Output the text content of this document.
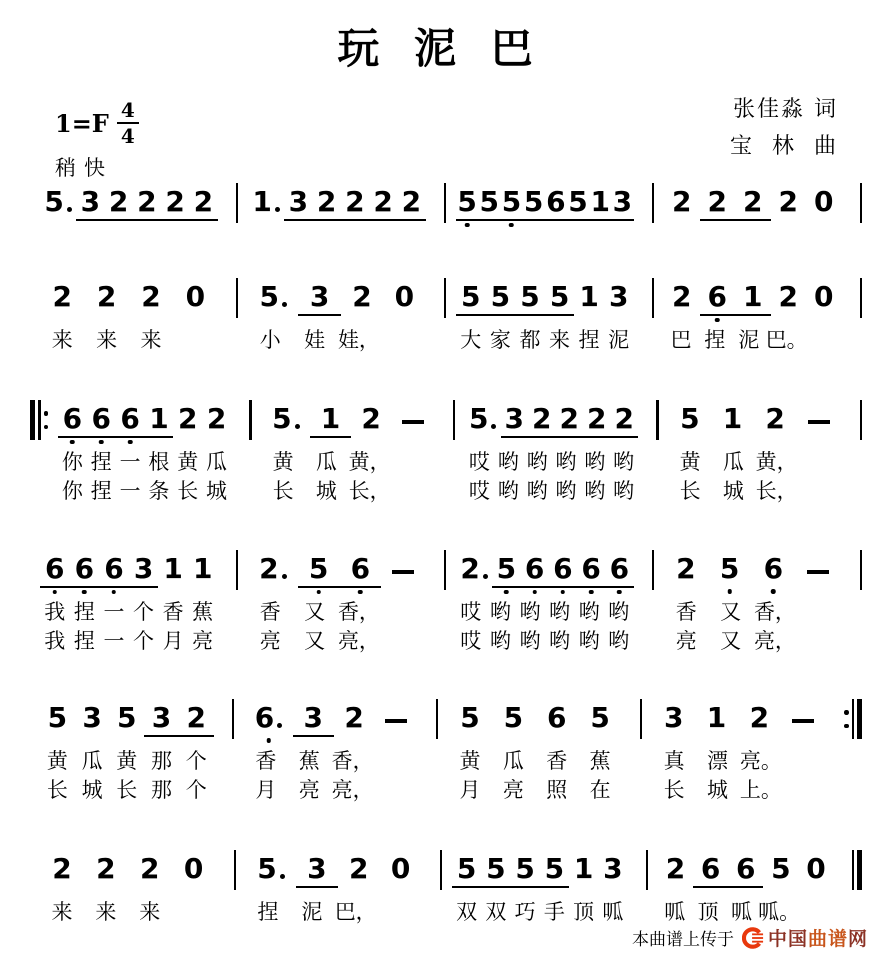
玩 泥 巴
$1=F \frac{4}{4}$
稍快
张佳淼 词
宝  林  曲
5 3 2 2 2 2 1 3 2 2 2 2 5 5 5 5 6 5 1 3 2 2 2 2 0
2 2 2 0
来	来	来
5 3 2 0
小	娃 娃，
5 5 5 5 1 3
大 家 都 来 捏 泥
2 6 1 2 0
巴 捏 泥 巴。
6 6 6 1 2 2
你 捏 一 根 黄 瓜
你 捏 一 条 长 城
5 1 2
黄	瓜 黄，
长	城 长，
5 3 2 2 2 2
哎 哟 哟 哟 哟 哟
哎 哟 哟 哟 哟 哟
5 1 2
黄	瓜 黄，
长	城 长，
6 6 6 3 1 1
我 捏 一 个 香 蕉
我 捏 一 个 月 亮
2 5 6
香	又 香，
亮	又 亮，
2 5 6 6 6 6
哎 哟 哟 哟 哟 哟
哎 哟 哟 哟 哟 哟
2 5 6
香	又 香，
亮	又 亮，
5 3 5 3 2
黄 瓜 黄 那 个
长 城 长 那 个
6 3 2
香	蕉 香，
月	亮 亮，
5 5 6 5
黄	瓜	香	蕉
月	亮	照	在
3 1 2
真	漂 亮。
长	城 上。
2 2 2 0
来	来	来
5 3 2 0
捏	泥 巴，
5 5 5 5 1 3
双 双 巧 手 顶 呱
2 6 6 5 0
呱 顶 呱 呱。
本曲谱上传于 中国曲谱网
